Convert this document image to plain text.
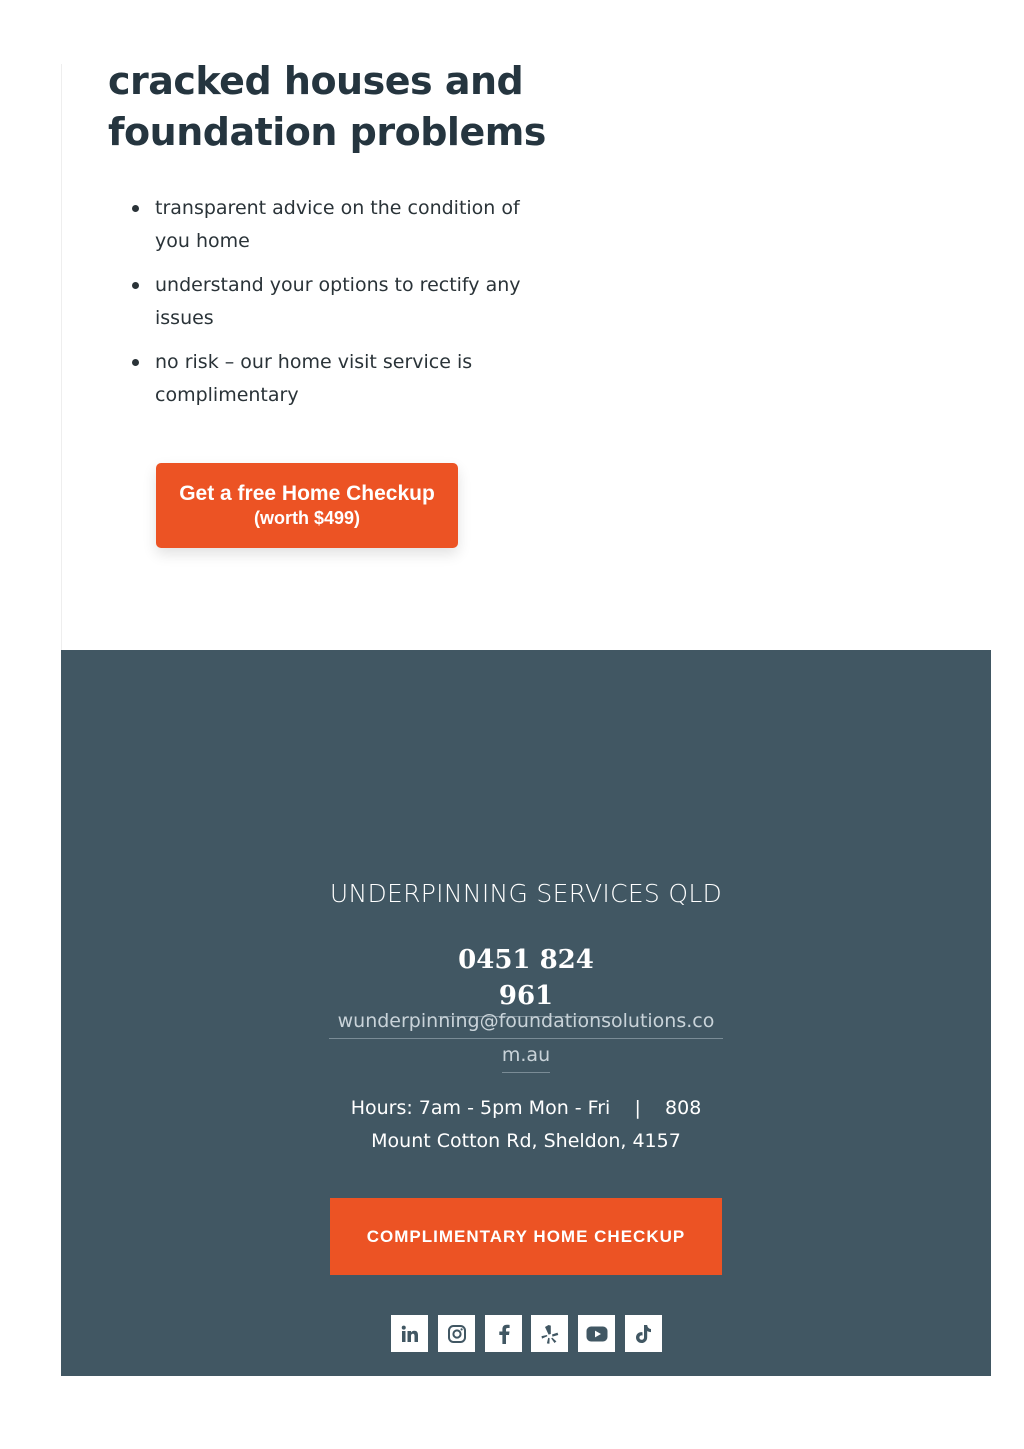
cracked houses and
foundation problems
transparent advice on the condition of you home
understand your options to rectify any issues
no risk – our home visit service is complimentary
Get a free Home Checkup
(worth $499)
UNDERPINNING SERVICES QLD
0451 824 961
wunderpinning@foundationsolutions.co
m.au
Hours: 7am - 5pm Mon - Fri    |    808
Mount Cotton Rd, Sheldon, 4157
COMPLIMENTARY HOME CHECKUP
